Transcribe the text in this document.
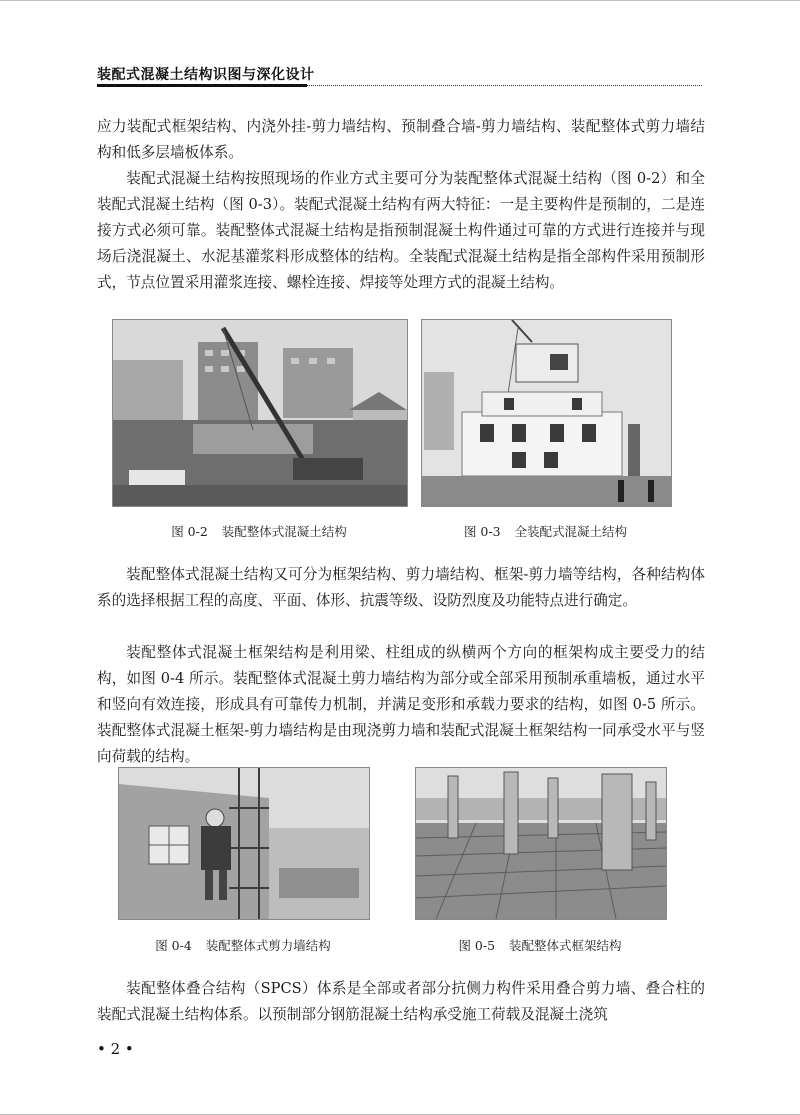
装配式混凝土结构识图与深化设计

应力装配式框架结构、内浇外挂-剪力墙结构、预制叠合墙-剪力墙结构、装配整体式剪力墙结构和低多层墙板体系。

装配式混凝土结构按照现场的作业方式主要可分为装配整体式混凝土结构（图 0-2）和全装配式混凝土结构（图 0-3）。装配式混凝土结构有两大特征：一是主要构件是预制的，二是连接方式必须可靠。装配整体式混凝土结构是指预制混凝土构件通过可靠的方式进行连接并与现场后浇混凝土、水泥基灌浆料形成整体的结构。全装配式混凝土结构是指全部构件采用预制形式，节点位置采用灌浆连接、螺栓连接、焊接等处理方式的混凝土结构。

图 0-2 装配整体式混凝土结构	图 0-3 全装配式混凝土结构

装配整体式混凝土结构又可分为框架结构、剪力墙结构、框架-剪力墙等结构，各种结构体系的选择根据工程的高度、平面、体形、抗震等级、设防烈度及功能特点进行确定。

装配整体式混凝土框架结构是利用梁、柱组成的纵横两个方向的框架构成主要受力的结构，如图 0-4 所示。装配整体式混凝土剪力墙结构为部分或全部采用预制承重墙板，通过水平和竖向有效连接，形成具有可靠传力机制，并满足变形和承载力要求的结构，如图 0-5 所示。装配整体式混凝土框架-剪力墙结构是由现浇剪力墙和装配式混凝土框架结构一同承受水平与竖向荷载的结构。

图 0-4 装配整体式剪力墙结构	图 0-5 装配整体式框架结构

装配整体叠合结构（SPCS）体系是全部或者部分抗侧力构件采用叠合剪力墙、叠合柱的装配式混凝土结构体系。以预制部分钢筋混凝土结构承受施工荷载及混凝土浇筑

• 2 •
